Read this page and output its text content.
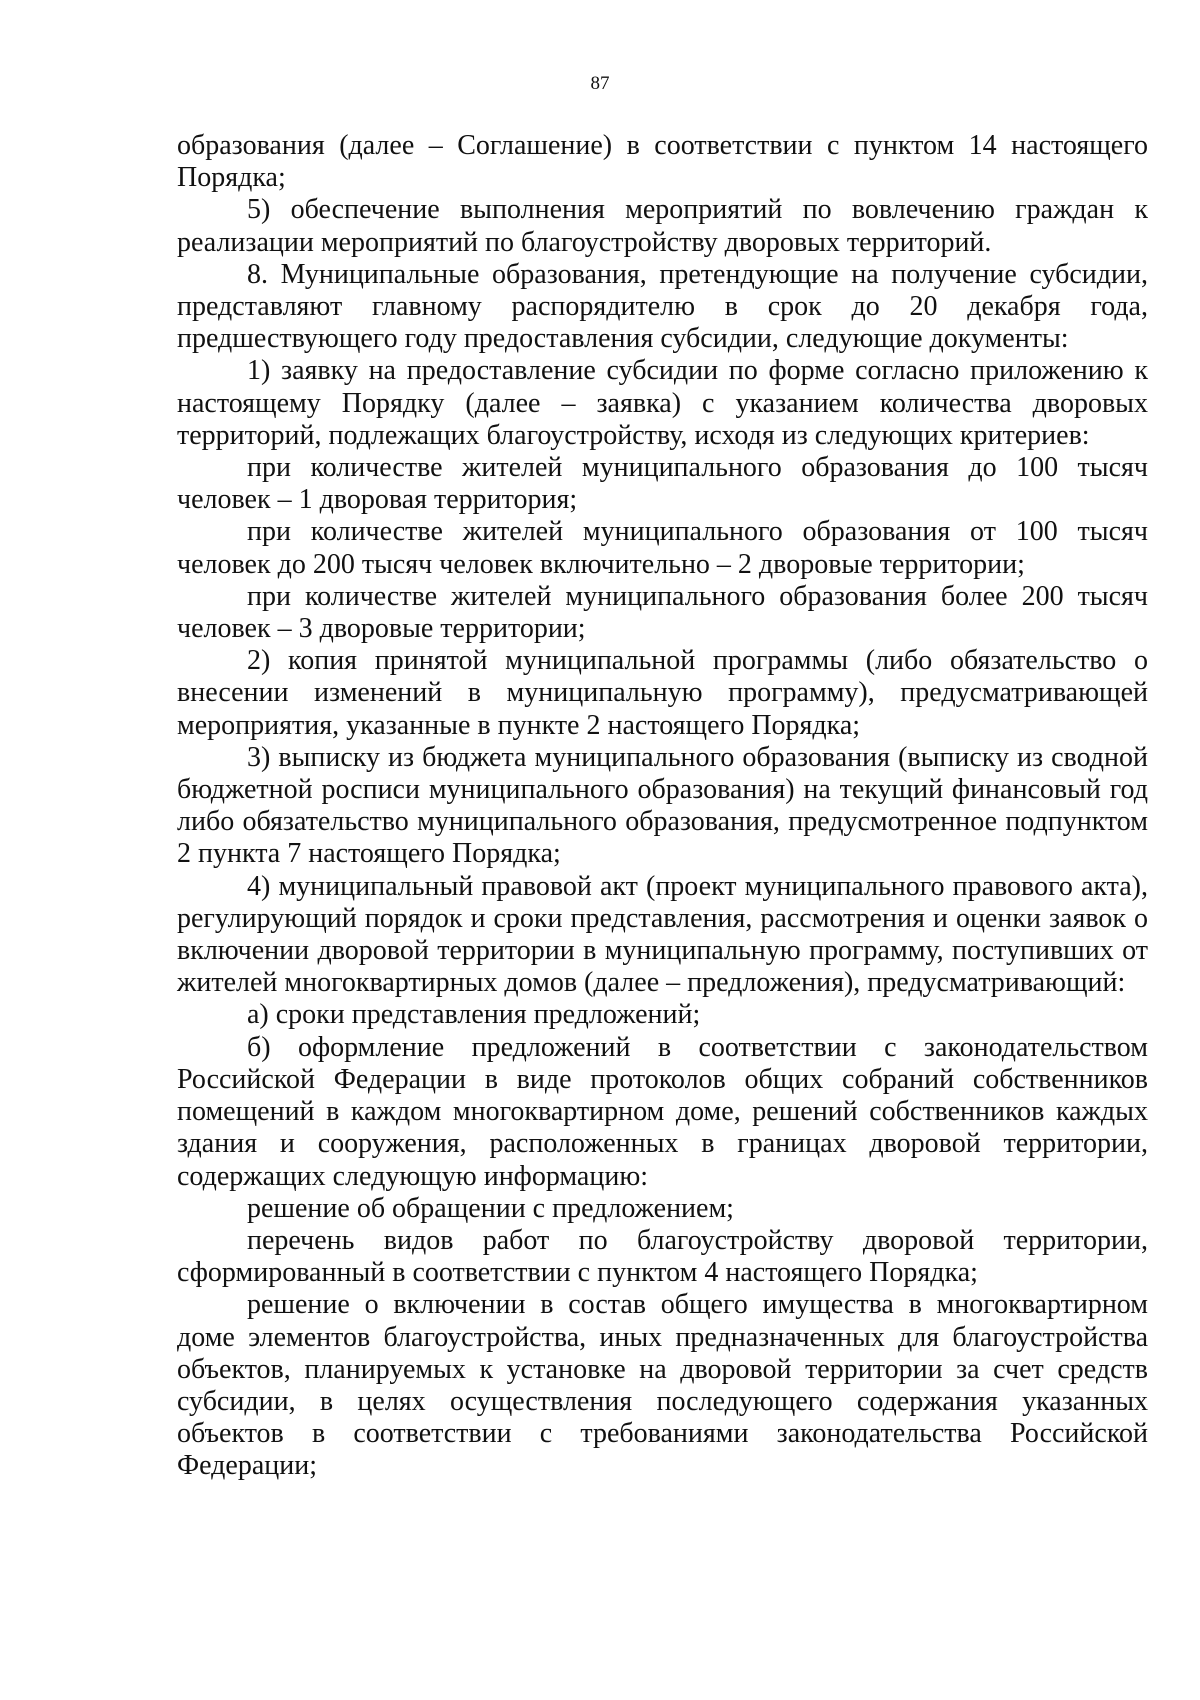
87

образования (далее – Соглашение) в соответствии с пунктом 14 настоящего Порядка;

5) обеспечение выполнения мероприятий по вовлечению граждан к реализации мероприятий по благоустройству дворовых территорий.

8. Муниципальные образования, претендующие на получение субсидии, представляют главному распорядителю в срок до 20 декабря года, предшествующего году предоставления субсидии, следующие документы:

1) заявку на предоставление субсидии по форме согласно приложению к настоящему Порядку (далее – заявка) с указанием количества дворовых территорий, подлежащих благоустройству, исходя из следующих критериев:

при количестве жителей муниципального образования до 100 тысяч человек – 1 дворовая территория;

при количестве жителей муниципального образования от 100 тысяч человек до 200 тысяч человек включительно – 2 дворовые территории;

при количестве жителей муниципального образования более 200 тысяч человек – 3 дворовые территории;

2) копия принятой муниципальной программы (либо обязательство о внесении изменений в муниципальную программу), предусматривающей мероприятия, указанные в пункте 2 настоящего Порядка;

3) выписку из бюджета муниципального образования (выписку из сводной бюджетной росписи муниципального образования) на текущий финансовый год либо обязательство муниципального образования, предусмотренное подпунктом 2 пункта 7 настоящего Порядка;

4) муниципальный правовой акт (проект муниципального правового акта), регулирующий порядок и сроки представления, рассмотрения и оценки заявок о включении дворовой территории в муниципальную программу, поступивших от жителей многоквартирных домов (далее – предложения), предусматривающий:

а) сроки представления предложений;

б) оформление предложений в соответствии с законодательством Российской Федерации в виде протоколов общих собраний собственников помещений в каждом многоквартирном доме, решений собственников каждых здания и сооружения, расположенных в границах дворовой территории, содержащих следующую информацию:

решение об обращении с предложением;

перечень видов работ по благоустройству дворовой территории, сформированный в соответствии с пунктом 4 настоящего Порядка;

решение о включении в состав общего имущества в многоквартирном доме элементов благоустройства, иных предназначенных для благоустройства объектов, планируемых к установке на дворовой территории за счет средств субсидии, в целях осуществления последующего содержания указанных объектов в соответствии с требованиями законодательства Российской Федерации;
